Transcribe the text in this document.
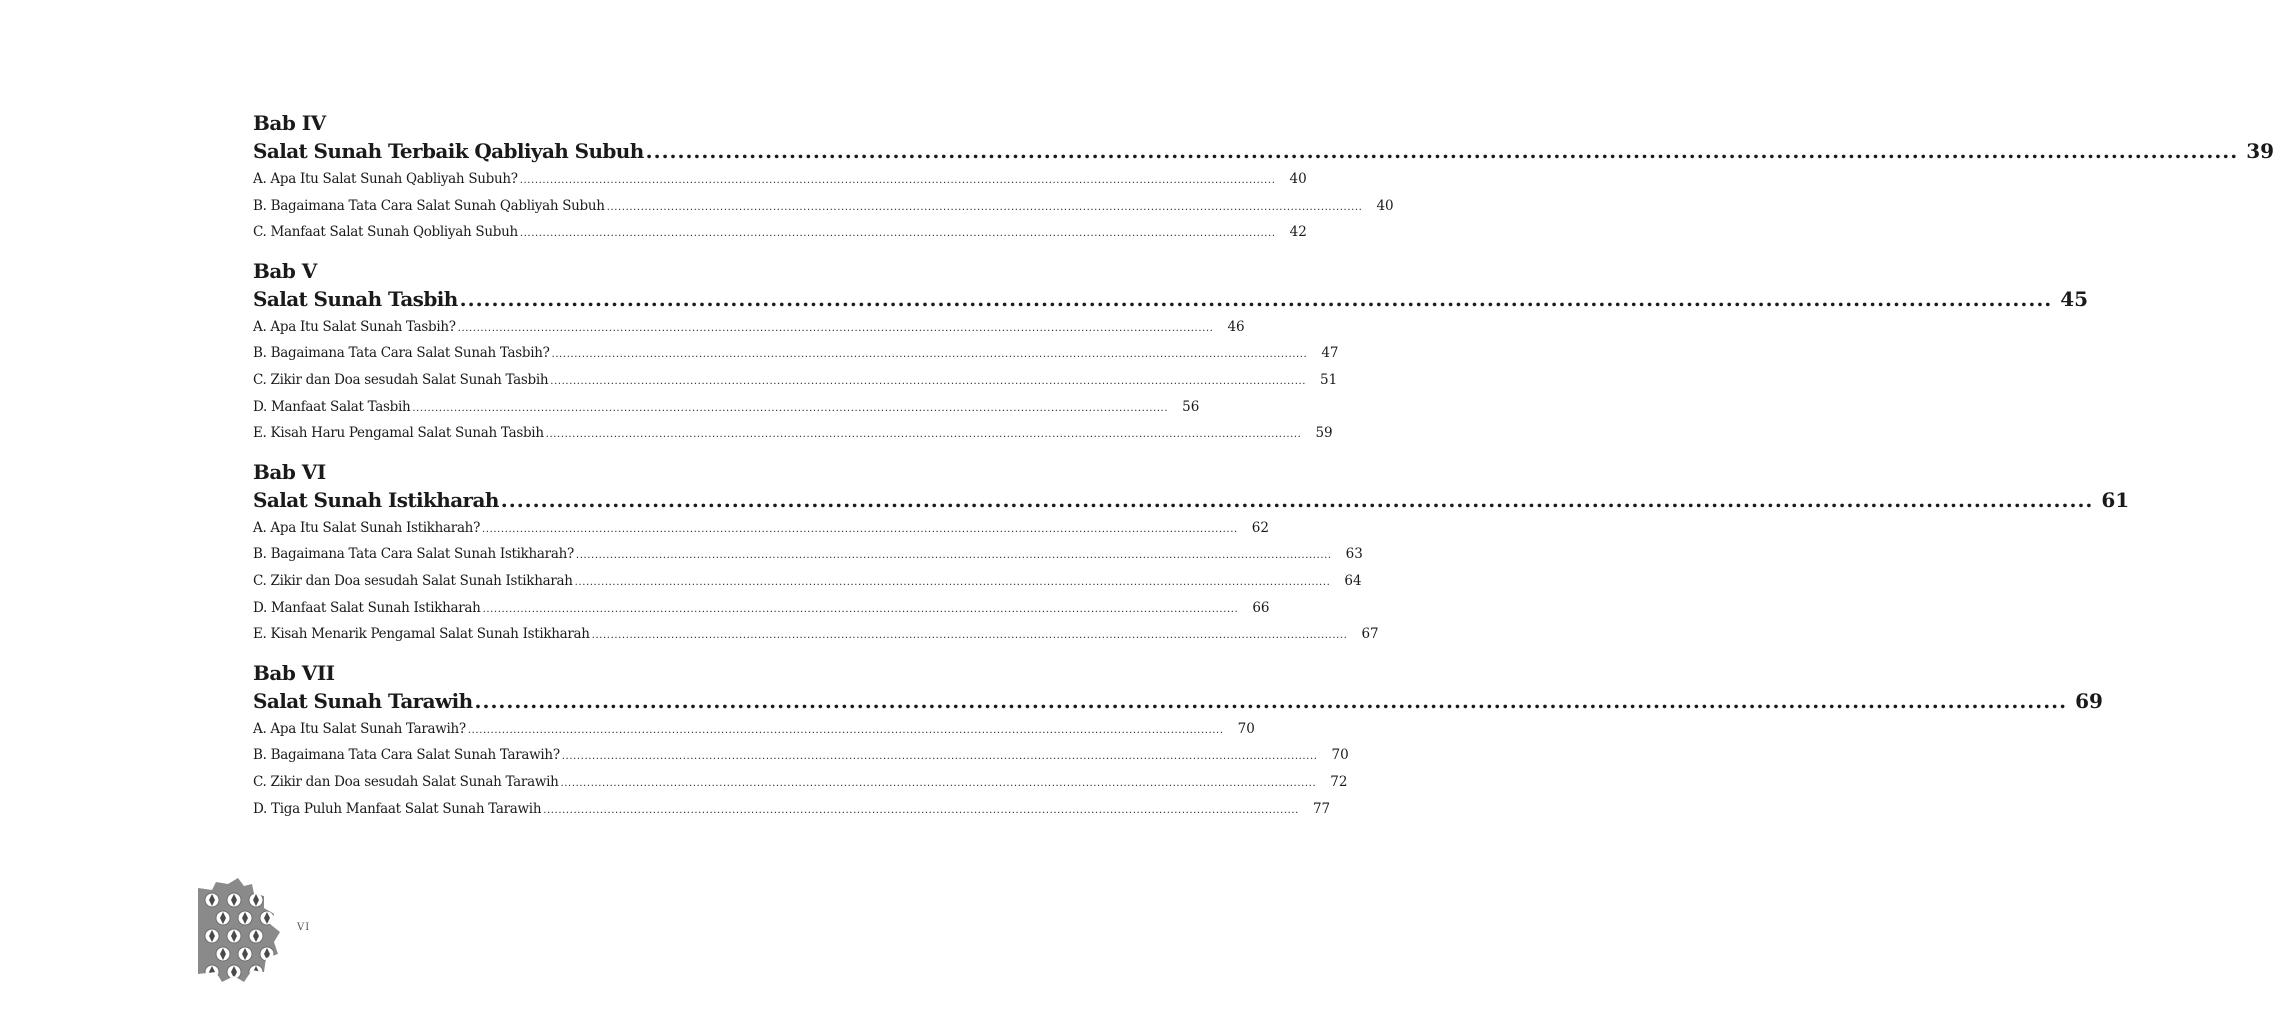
Bab IV
Salat Sunah Terbaik Qabliyah Subuh ........................................................................................................................................................................................................ 39
A. Apa Itu Salat Sunah Qabliyah Subuh? ........................................................................................................................................................................................................ 40
B. Bagaimana Tata Cara Salat Sunah Qabliyah Subuh ........................................................................................................................................................................................................ 40
C. Manfaat Salat Sunah Qobliyah Subuh ........................................................................................................................................................................................................ 42
Bab V
Salat Sunah Tasbih ........................................................................................................................................................................................................ 45
A. Apa Itu Salat Sunah Tasbih? ........................................................................................................................................................................................................ 46
B. Bagaimana Tata Cara Salat Sunah Tasbih? ........................................................................................................................................................................................................ 47
C. Zikir dan Doa sesudah Salat Sunah Tasbih ........................................................................................................................................................................................................ 51
D. Manfaat Salat Tasbih ........................................................................................................................................................................................................ 56
E. Kisah Haru Pengamal Salat Sunah Tasbih ........................................................................................................................................................................................................ 59
Bab VI
Salat Sunah Istikharah ........................................................................................................................................................................................................ 61
A. Apa Itu Salat Sunah Istikharah? ........................................................................................................................................................................................................ 62
B. Bagaimana Tata Cara Salat Sunah Istikharah? ........................................................................................................................................................................................................ 63
C. Zikir dan Doa sesudah Salat Sunah Istikharah ........................................................................................................................................................................................................ 64
D. Manfaat Salat Sunah Istikharah ........................................................................................................................................................................................................ 66
E. Kisah Menarik Pengamal Salat Sunah Istikharah ........................................................................................................................................................................................................ 67
Bab VII
Salat Sunah Tarawih ........................................................................................................................................................................................................ 69
A. Apa Itu Salat Sunah Tarawih? ........................................................................................................................................................................................................ 70
B. Bagaimana Tata Cara Salat Sunah Tarawih? ........................................................................................................................................................................................................ 70
C. Zikir dan Doa sesudah Salat Sunah Tarawih ........................................................................................................................................................................................................ 72
D. Tiga Puluh Manfaat Salat Sunah Tarawih ........................................................................................................................................................................................................ 77
VI
